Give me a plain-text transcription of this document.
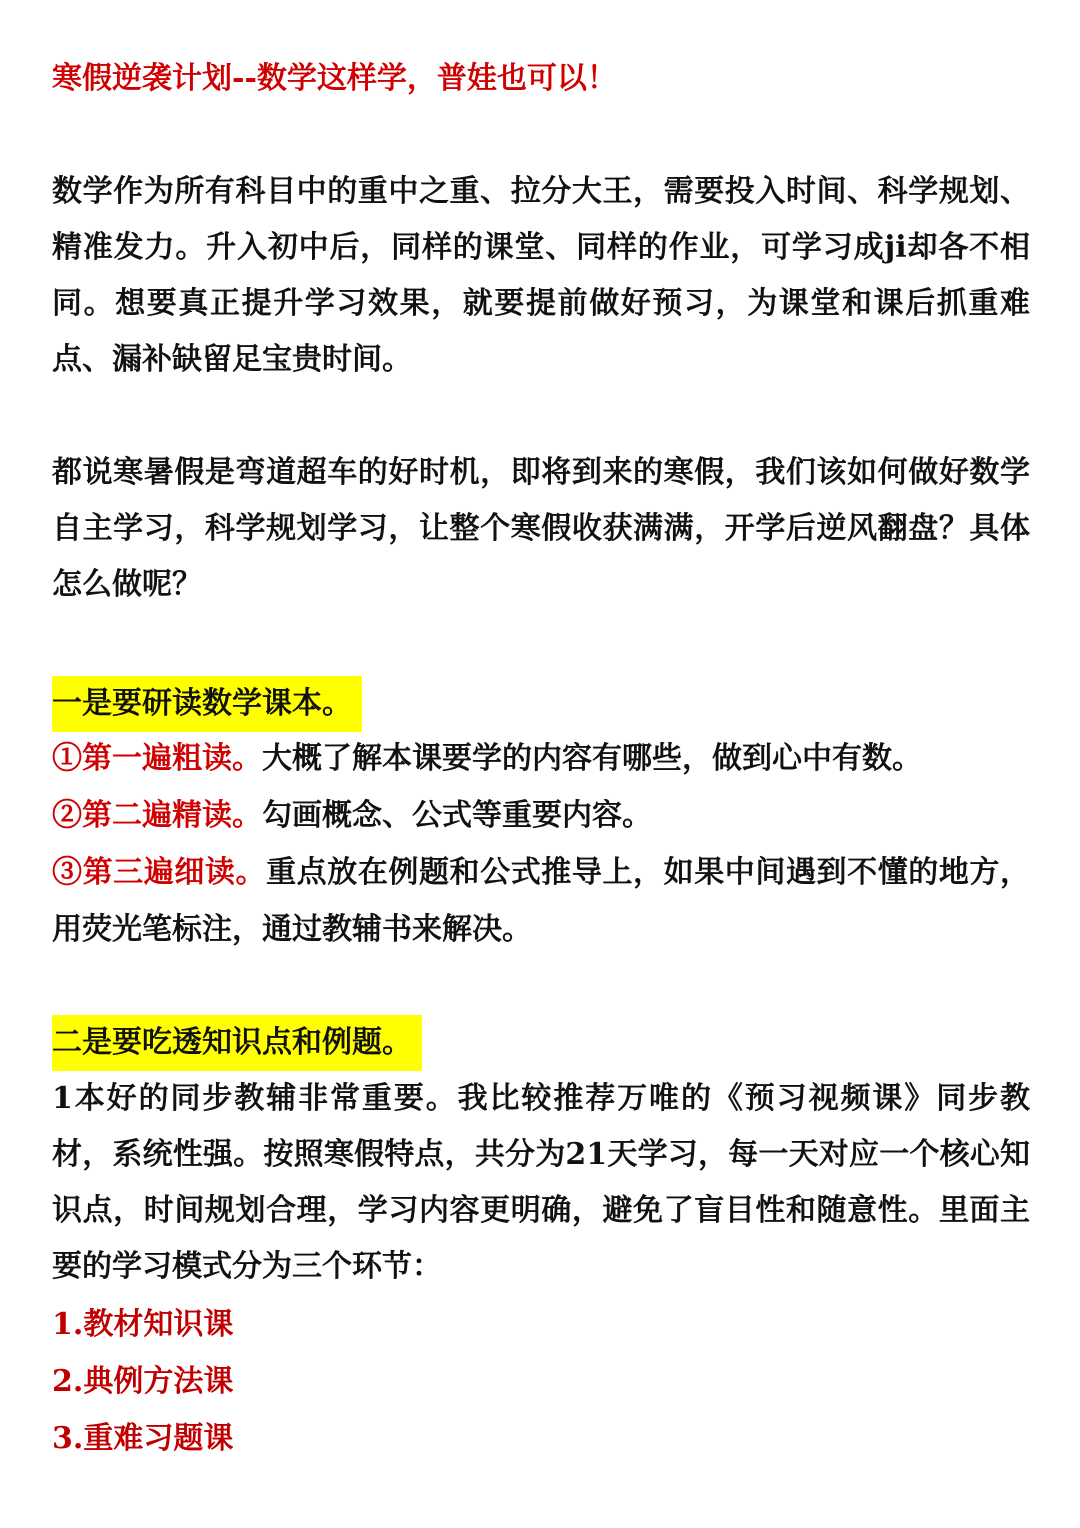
寒假逆袭计划--数学这样学，普娃也可以！

数学作为所有科目中的重中之重、拉分大王，需要投入时间、科学规划、精准发力。升入初中后，同样的课堂、同样的作业，可学习成ji却各不相同。想要真正提升学习效果，就要提前做好预习，为课堂和课后抓重难点、漏补缺留足宝贵时间。

都说寒暑假是弯道超车的好时机，即将到来的寒假，我们该如何做好数学自主学习，科学规划学习，让整个寒假收获满满，开学后逆风翻盘？具体怎么做呢？

一是要研读数学课本。
①第一遍粗读。大概了解本课要学的内容有哪些，做到心中有数。
②第二遍精读。勾画概念、公式等重要内容。
③第三遍细读。重点放在例题和公式推导上，如果中间遇到不懂的地方，用荧光笔标注，通过教辅书来解决。
二是要吃透知识点和例题。

1本好的同步教辅非常重要。我比较推荐万唯的《预习视频课》同步教材，系统性强。按照寒假特点，共分为21天学习，每一天对应一个核心知识点，时间规划合理，学习内容更明确，避免了盲目性和随意性。里面主要的学习模式分为三个环节：

1.教材知识课
2.典例方法课
3.重难习题课
